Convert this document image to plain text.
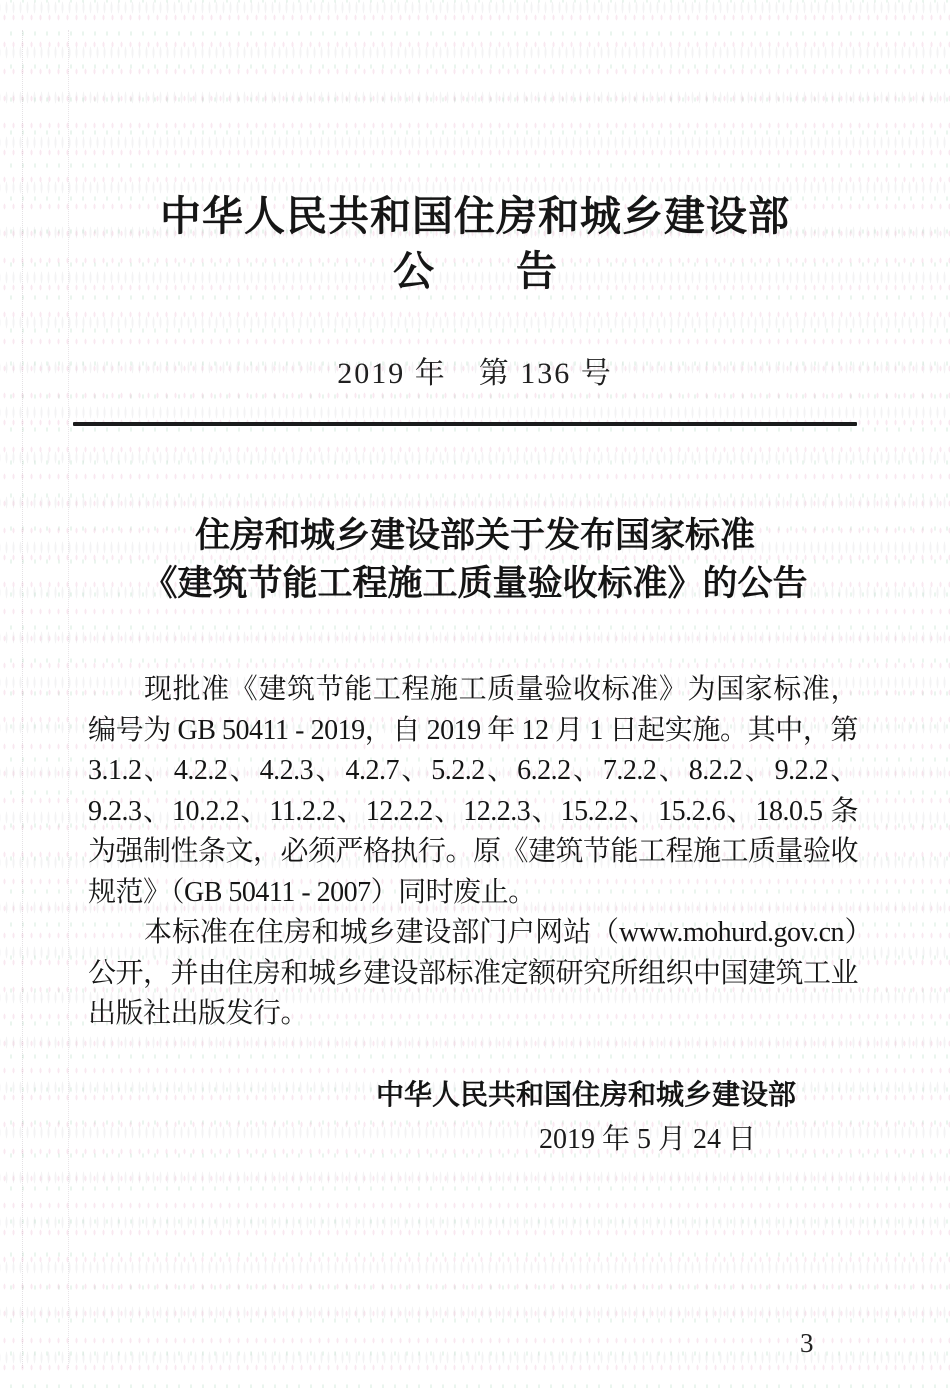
中华人民共和国住房和城乡建设部
公　　告
2019 年　第 136 号
住房和城乡建设部关于发布国家标准
《建筑节能工程施工质量验收标准》的公告

现批准《建筑节能工程施工质量验收标准》为国家标准，编号为 GB 50411 - 2019，自 2019 年 12 月 1 日起实施。其中，第 3.1.2、4.2.2、4.2.3、4.2.7、5.2.2、6.2.2、7.2.2、8.2.2、9.2.2、9.2.3、10.2.2、11.2.2、12.2.2、12.2.3、15.2.2、15.2.6、18.0.5 条为强制性条文，必须严格执行。原《建筑节能工程施工质量验收规范》（GB 50411 - 2007）同时废止。

本标准在住房和城乡建设部门户网站（www.mohurd.gov.cn）公开，并由住房和城乡建设部标准定额研究所组织中国建筑工业出版社出版发行。

中华人民共和国住房和城乡建设部
2019 年 5 月 24 日
3
